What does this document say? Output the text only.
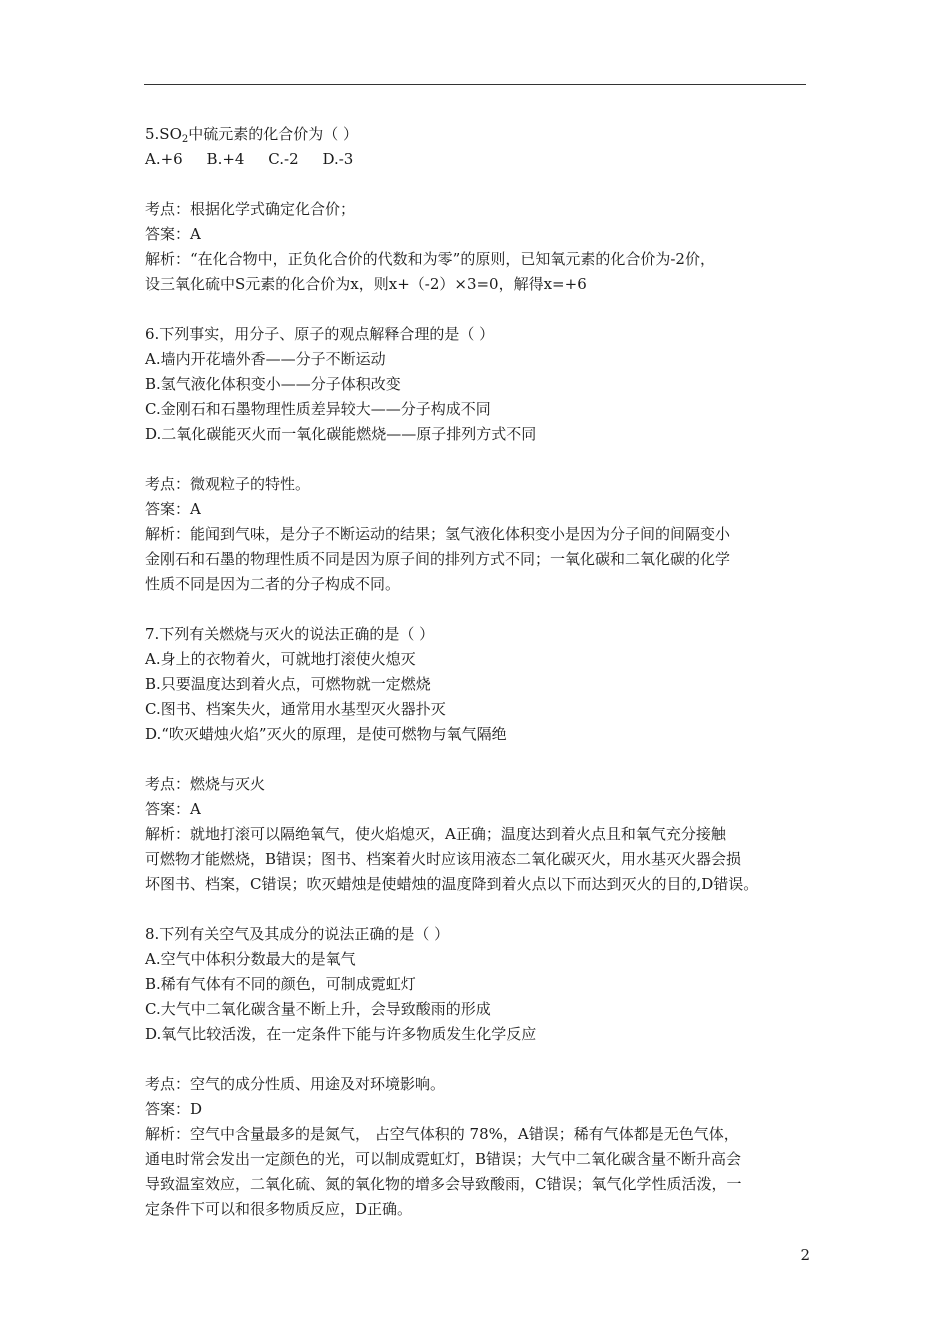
$5.SO_2$中硫元素的化合价为（ ）
A.+6     B.+4     C.-2     D.-3
考点：根据化学式确定化合价；
答案：A
解析：“在化合物中，正负化合价的代数和为零”的原则，已知氧元素的化合价为-2价，
设三氧化硫中S元素的化合价为x，则x+（-2）×3=0，解得x=+6
6.下列事实，用分子、原子的观点解释合理的是（ ）
A.墙内开花墙外香——分子不断运动
B.氢气液化体积变小——分子体积改变
C.金刚石和石墨物理性质差异较大——分子构成不同
D.二氧化碳能灭火而一氧化碳能燃烧——原子排列方式不同
考点：微观粒子的特性。
答案：A
解析：能闻到气味，是分子不断运动的结果；氢气液化体积变小是因为分子间的间隔变小
金刚石和石墨的物理性质不同是因为原子间的排列方式不同；一氧化碳和二氧化碳的化学
性质不同是因为二者的分子构成不同。
7.下列有关燃烧与灭火的说法正确的是（ ）
A.身上的衣物着火，可就地打滚使火熄灭
B.只要温度达到着火点，可燃物就一定燃烧
C.图书、档案失火，通常用水基型灭火器扑灭
D.“吹灭蜡烛火焰”灭火的原理，是使可燃物与氧气隔绝
考点：燃烧与灭火
答案：A
解析：就地打滚可以隔绝氧气，使火焰熄灭，A正确；温度达到着火点且和氧气充分接触
可燃物才能燃烧，B错误；图书、档案着火时应该用液态二氧化碳灭火，用水基灭火器会损
坏图书、档案，C错误；吹灭蜡烛是使蜡烛的温度降到着火点以下而达到灭火的目的,D错误。
8.下列有关空气及其成分的说法正确的是（ ）
A.空气中体积分数最大的是氧气
B.稀有气体有不同的颜色，可制成霓虹灯
C.大气中二氧化碳含量不断上升，会导致酸雨的形成
D.氧气比较活泼，在一定条件下能与许多物质发生化学反应
考点：空气的成分性质、用途及对环境影响。
答案：D
解析：空气中含量最多的是氮气， 占空气体积的 78%，A错误；稀有气体都是无色气体，
通电时常会发出一定颜色的光，可以制成霓虹灯，B错误；大气中二氧化碳含量不断升高会
导致温室效应，二氧化硫、氮的氧化物的增多会导致酸雨，C错误；氧气化学性质活泼，一
定条件下可以和很多物质反应，D正确。
2
